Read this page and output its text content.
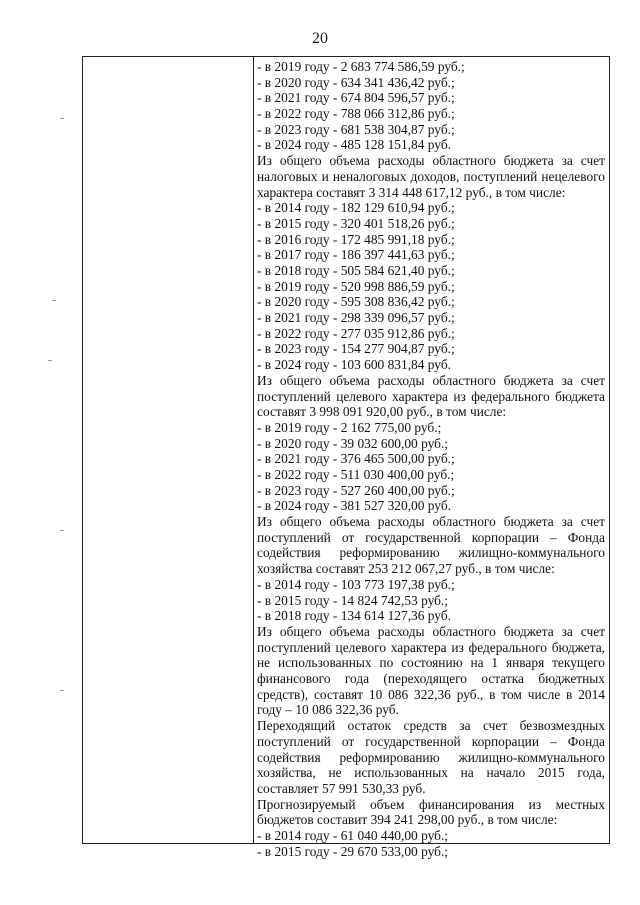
20
- в 2019 году - 2 683 774 586,59 руб.;
- в 2020 году - 634 341 436,42 руб.;
- в 2021 году - 674 804 596,57 руб.;
- в 2022 году - 788 066 312,86 руб.;
- в 2023 году - 681 538 304,87 руб.;
- в 2024 году - 485 128 151,84 руб.
Из общего объема расходы областного бюджета за счет налоговых и неналоговых доходов, поступлений нецелевого характера составят 3 314 448 617,12 руб., в том числе:
- в 2014 году - 182 129 610,94 руб.;
- в 2015 году - 320 401 518,26 руб.;
- в 2016 году - 172 485 991,18 руб.;
- в 2017 году - 186 397 441,63 руб.;
- в 2018 году - 505 584 621,40 руб.;
- в 2019 году - 520 998 886,59 руб.;
- в 2020 году - 595 308 836,42 руб.;
- в 2021 году - 298 339 096,57 руб.;
- в 2022 году - 277 035 912,86 руб.;
- в 2023 году - 154 277 904,87 руб.;
- в 2024 году - 103 600 831,84 руб.
Из общего объема расходы областного бюджета за счет поступлений целевого характера из федерального бюджета составят 3 998 091 920,00 руб., в том числе:
- в 2019 году - 2 162 775,00 руб.;
- в 2020 году - 39 032 600,00 руб.;
- в 2021 году - 376 465 500,00 руб.;
- в 2022 году - 511 030 400,00 руб.;
- в 2023 году - 527 260 400,00 руб.;
- в 2024 году - 381 527 320,00 руб.
Из общего объема расходы областного бюджета за счет поступлений от государственной корпорации – Фонда содействия реформированию жилищно-коммунального хозяйства составят 253 212 067,27 руб., в том числе:
- в 2014 году - 103 773 197,38 руб.;
- в 2015 году - 14 824 742,53 руб.;
- в 2018 году - 134 614 127,36 руб.
Из общего объема расходы областного бюджета за счет поступлений целевого характера из федерального бюджета, не использованных по состоянию на 1 января текущего финансового года (переходящего остатка бюджетных средств), составят 10 086 322,36 руб., в том числе в 2014 году – 10 086 322,36 руб.
Переходящий остаток средств за счет безвозмездных поступлений от государственной корпорации – Фонда содействия реформированию жилищно-коммунального хозяйства, не использованных на начало 2015 года, составляет 57 991 530,33 руб.
Прогнозируемый объем финансирования из местных бюджетов составит 394 241 298,00 руб., в том числе:
- в 2014 году - 61 040 440,00 руб.;
- в 2015 году - 29 670 533,00 руб.;
